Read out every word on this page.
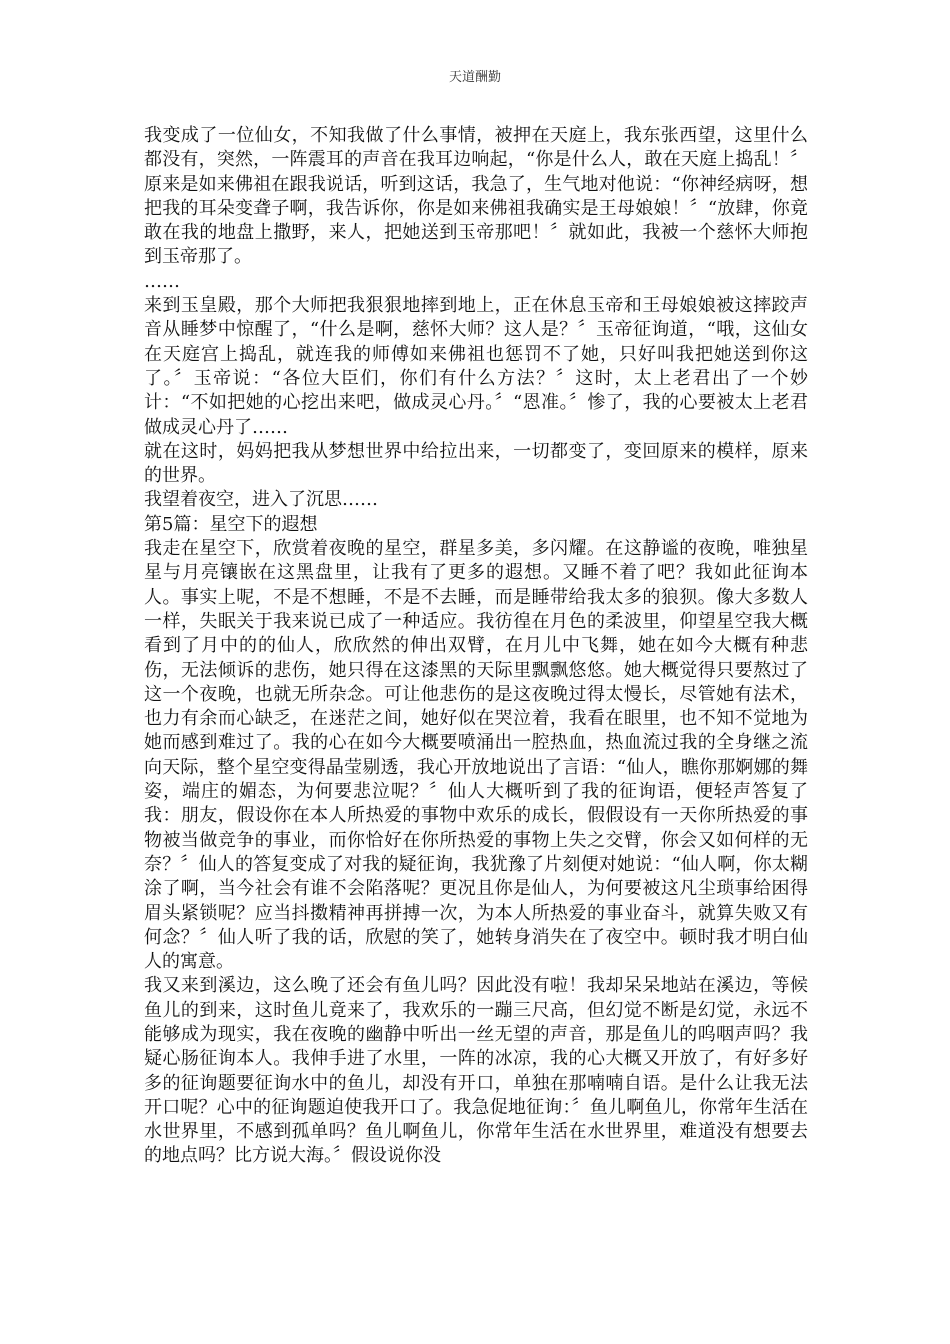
天道酬勤

我变成了一位仙女，不知我做了什么事情，被押在天庭上，我东张西望，这里什么都没有，突然，一阵震耳的声音在我耳边响起，“你是什么人，敢在天庭上捣乱！〞原来是如来佛祖在跟我说话，听到这话，我急了，生气地对他说：“你神经病呀，想把我的耳朵变聋子啊，我告诉你，你是如来佛祖我确实是王母娘娘！〞“放肆，你竟敢在我的地盘上撒野，来人，把她送到玉帝那吧！〞就如此，我被一个慈怀大师抱到玉帝那了。

……

来到玉皇殿，那个大师把我狠狠地摔到地上，正在休息玉帝和王母娘娘被这摔跤声音从睡梦中惊醒了，“什么是啊，慈怀大师？这人是？〞玉帝征询道，“哦，这仙女在天庭宫上捣乱，就连我的师傅如来佛祖也惩罚不了她，只好叫我把她送到你这了。〞玉帝说：“各位大臣们，你们有什么方法？〞这时，太上老君出了一个妙计：“不如把她的心挖出来吧，做成灵心丹。〞“恩准。〞惨了，我的心要被太上老君做成灵心丹了……

就在这时，妈妈把我从梦想世界中给拉出来，一切都变了，变回原来的模样，原来的世界。

我望着夜空，进入了沉思……

第5篇：星空下的遐想

我走在星空下，欣赏着夜晚的星空，群星多美，多闪耀。在这静谧的夜晚，唯独星星与月亮镶嵌在这黑盘里，让我有了更多的遐想。又睡不着了吧？我如此征询本人。事实上呢，不是不想睡，不是不去睡，而是睡带给我太多的狼狈。像大多数人一样，失眠关于我来说已成了一种适应。我彷徨在月色的柔波里，仰望星空我大概看到了月中的的仙人，欣欣然的伸出双臂，在月儿中飞舞，她在如今大概有种悲伤，无法倾诉的悲伤，她只得在这漆黑的天际里飘飘悠悠。她大概觉得只要熬过了这一个夜晚，也就无所杂念。可让他悲伤的是这夜晚过得太慢长，尽管她有法术，也力有余而心缺乏，在迷茫之间，她好似在哭泣着，我看在眼里，也不知不觉地为她而感到难过了。我的心在如今大概要喷涌出一腔热血，热血流过我的全身继之流向天际，整个星空变得晶莹剔透，我心开放地说出了言语：“仙人，瞧你那婀娜的舞姿，端庄的媚态，为何要悲泣呢？〞仙人大概听到了我的征询语，便轻声答复了我：朋友，假设你在本人所热爱的事物中欢乐的成长，假假设有一天你所热爱的事物被当做竞争的事业，而你恰好在你所热爱的事物上失之交臂，你会又如何样的无奈？〞仙人的答复变成了对我的疑征询，我犹豫了片刻便对她说：“仙人啊，你太糊涂了啊，当今社会有谁不会陷落呢？更况且你是仙人，为何要被这凡尘琐事给困得眉头紧锁呢？应当抖擞精神再拼搏一次，为本人所热爱的事业奋斗，就算失败又有何念？〞仙人听了我的话，欣慰的笑了，她转身消失在了夜空中。顿时我才明白仙人的寓意。

我又来到溪边，这么晚了还会有鱼儿吗？因此没有啦！我却呆呆地站在溪边，等候鱼儿的到来，这时鱼儿竟来了，我欢乐的一蹦三尺高，但幻觉不断是幻觉，永远不能够成为现实，我在夜晚的幽静中听出一丝无望的声音，那是鱼儿的呜咽声吗？我疑心肠征询本人。我伸手进了水里，一阵的冰凉，我的心大概又开放了，有好多好多的征询题要征询水中的鱼儿，却没有开口，单独在那喃喃自语。是什么让我无法开口呢？心中的征询题迫使我开口了。我急促地征询：〞鱼儿啊鱼儿，你常年生活在水世界里，不感到孤单吗？鱼儿啊鱼儿，你常年生活在水世界里，难道没有想要去的地点吗？比方说大海。〞假设说你没
